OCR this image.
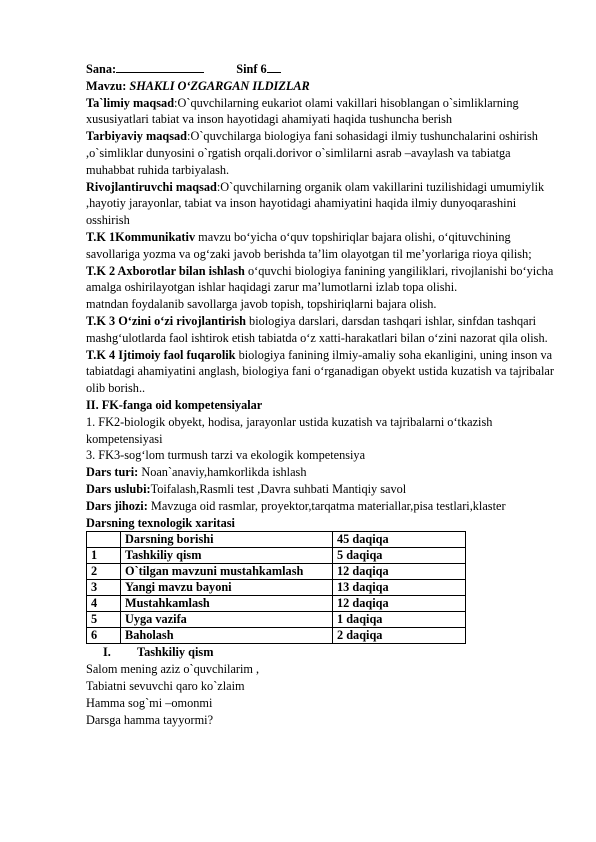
Sana:	Sinf 6
Mavzu: SHAKLI O‘ZGARGAN ILDIZLAR
Ta`limiy maqsad:O`quvchilarning eukariot olami vakillari hisoblangan o`simliklarning xususiyatlari tabiat va inson hayotidagi ahamiyati haqida tushuncha berish
Tarbiyaviy maqsad:O`quvchilarga biologiya fani sohasidagi ilmiy tushunchalarini oshirish ,o`simliklar dunyosini o`rgatish orqali.dorivor o`simlilarni asrab –avaylash va tabiatga muhabbat ruhida tarbiyalash.
Rivojlantiruvchi maqsad:O`quvchilarning organik olam vakillarini tuzilishidagi umumiylik ,hayotiy jarayonlar, tabiat va inson hayotidagi ahamiyatini haqida ilmiy dunyoqarashini osshirish
T.K 1Kommunikativ mavzu bo‘yicha o‘quv topshiriqlar bajara olishi, o‘qituvchining savollariga yozma va og‘zaki javob berishda ta’lim olayotgan til me’yorlariga rioya qilish;
T.K 2 Axborotlar bilan ishlash o‘quvchi biologiya fanining yangiliklari, rivojlanishi bo‘yicha amalga oshirilayotgan ishlar haqidagi zarur ma’lumotlarni izlab topa olishi.
matndan foydalanib savollarga javob topish, topshiriqlarni bajara olish.
T.K 3 O‘zini o‘zi rivojlantirish biologiya darslari, darsdan tashqari ishlar, sinfdan tashqari mashg‘ulotlarda faol ishtirok etish tabiatda o‘z xatti-harakatlari bilan o‘zini nazorat qila olish.
T.K 4 Ijtimoiy faol fuqarolik biologiya fanining ilmiy-amaliy soha ekanligini, uning inson va tabiatdagi ahamiyatini anglash, biologiya fani o‘rganadigan obyekt ustida kuzatish va tajribalar olib borish..
II. FK-fanga oid kompetensiyalar
1. FK2-biologik obyekt, hodisa, jarayonlar ustida kuzatish va tajribalarni o‘tkazish kompetensiyasi
3. FK3-sog‘lom turmush tarzi va ekologik kompetensiya
Dars turi: Noan`anaviy,hamkorlikda ishlash
Dars uslubi:Toifalash,Rasmli test ,Davra suhbati Mantiqiy savol
Dars jihozi: Mavzuga oid rasmlar, proyektor,tarqatma materiallar,pisa testlari,klaster
Darsning texnologik xaritasi
	Darsning borishi	45 daqiqa
1	Tashkiliy qism	5 daqiqa
2	O`tilgan mavzuni mustahkamlash	12 daqiqa
3	Yangi mavzu bayoni	13 daqiqa
4	Mustahkamlash	12 daqiqa
5	Uyga vazifa	1 daqiqa
6	Baholash	2 daqiqa
I. Tashkiliy qism
Salom mening aziz o`quvchilarim ,
Tabiatni sevuvchi qaro ko`zlaim
Hamma sog`mi –omonmi
Darsga hamma tayyormi?
